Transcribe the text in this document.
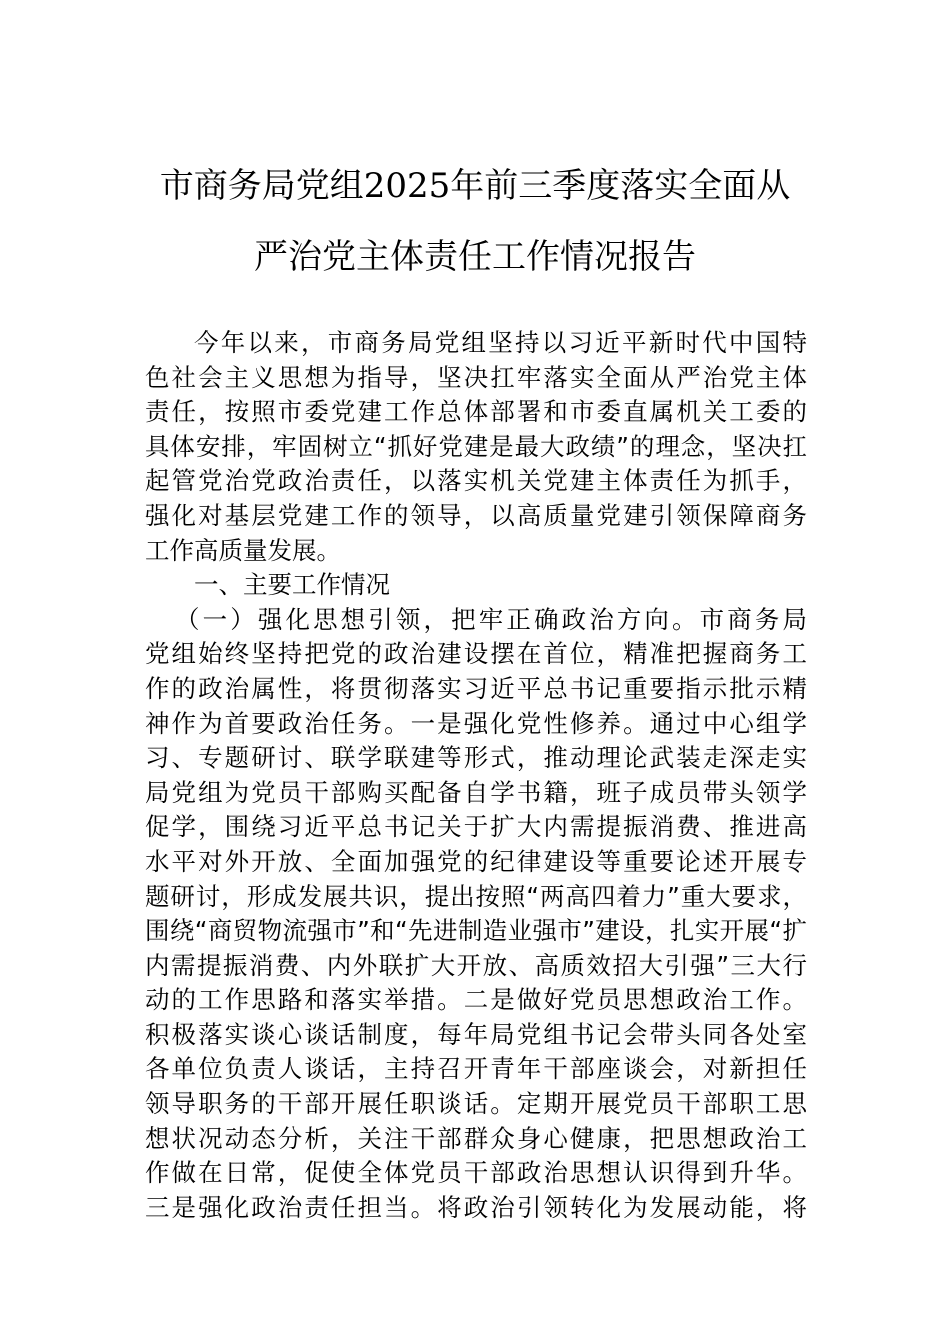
市商务局党组2025年前三季度落实全面从
严治党主体责任工作情况报告
今年以来，市商务局党组坚持以习近平新时代中国特
色社会主义思想为指导，坚决扛牢落实全面从严治党主体
责任，按照市委党建工作总体部署和市委直属机关工委的
具体安排，牢固树立“抓好党建是最大政绩”的理念，坚决扛
起管党治党政治责任，以落实机关党建主体责任为抓手，
强化对基层党建工作的领导，以高质量党建引领保障商务
工作高质量发展。
一、主要工作情况
（一）强化思想引领，把牢正确政治方向。市商务局
党组始终坚持把党的政治建设摆在首位，精准把握商务工
作的政治属性，将贯彻落实习近平总书记重要指示批示精
神作为首要政治任务。一是强化党性修养。通过中心组学
习、专题研讨、联学联建等形式，推动理论武装走深走实
局党组为党员干部购买配备自学书籍，班子成员带头领学
促学，围绕习近平总书记关于扩大内需提振消费、推进高
水平对外开放、全面加强党的纪律建设等重要论述开展专
题研讨，形成发展共识，提出按照“两高四着力”重大要求，
围绕“商贸物流强市”和“先进制造业强市”建设，扎实开展“扩
内需提振消费、内外联扩大开放、高质效招大引强”三大行
动的工作思路和落实举措。二是做好党员思想政治工作。
积极落实谈心谈话制度，每年局党组书记会带头同各处室
各单位负责人谈话，主持召开青年干部座谈会，对新担任
领导职务的干部开展任职谈话。定期开展党员干部职工思
想状况动态分析，关注干部群众身心健康，把思想政治工
作做在日常，促使全体党员干部政治思想认识得到升华。
三是强化政治责任担当。将政治引领转化为发展动能，将
